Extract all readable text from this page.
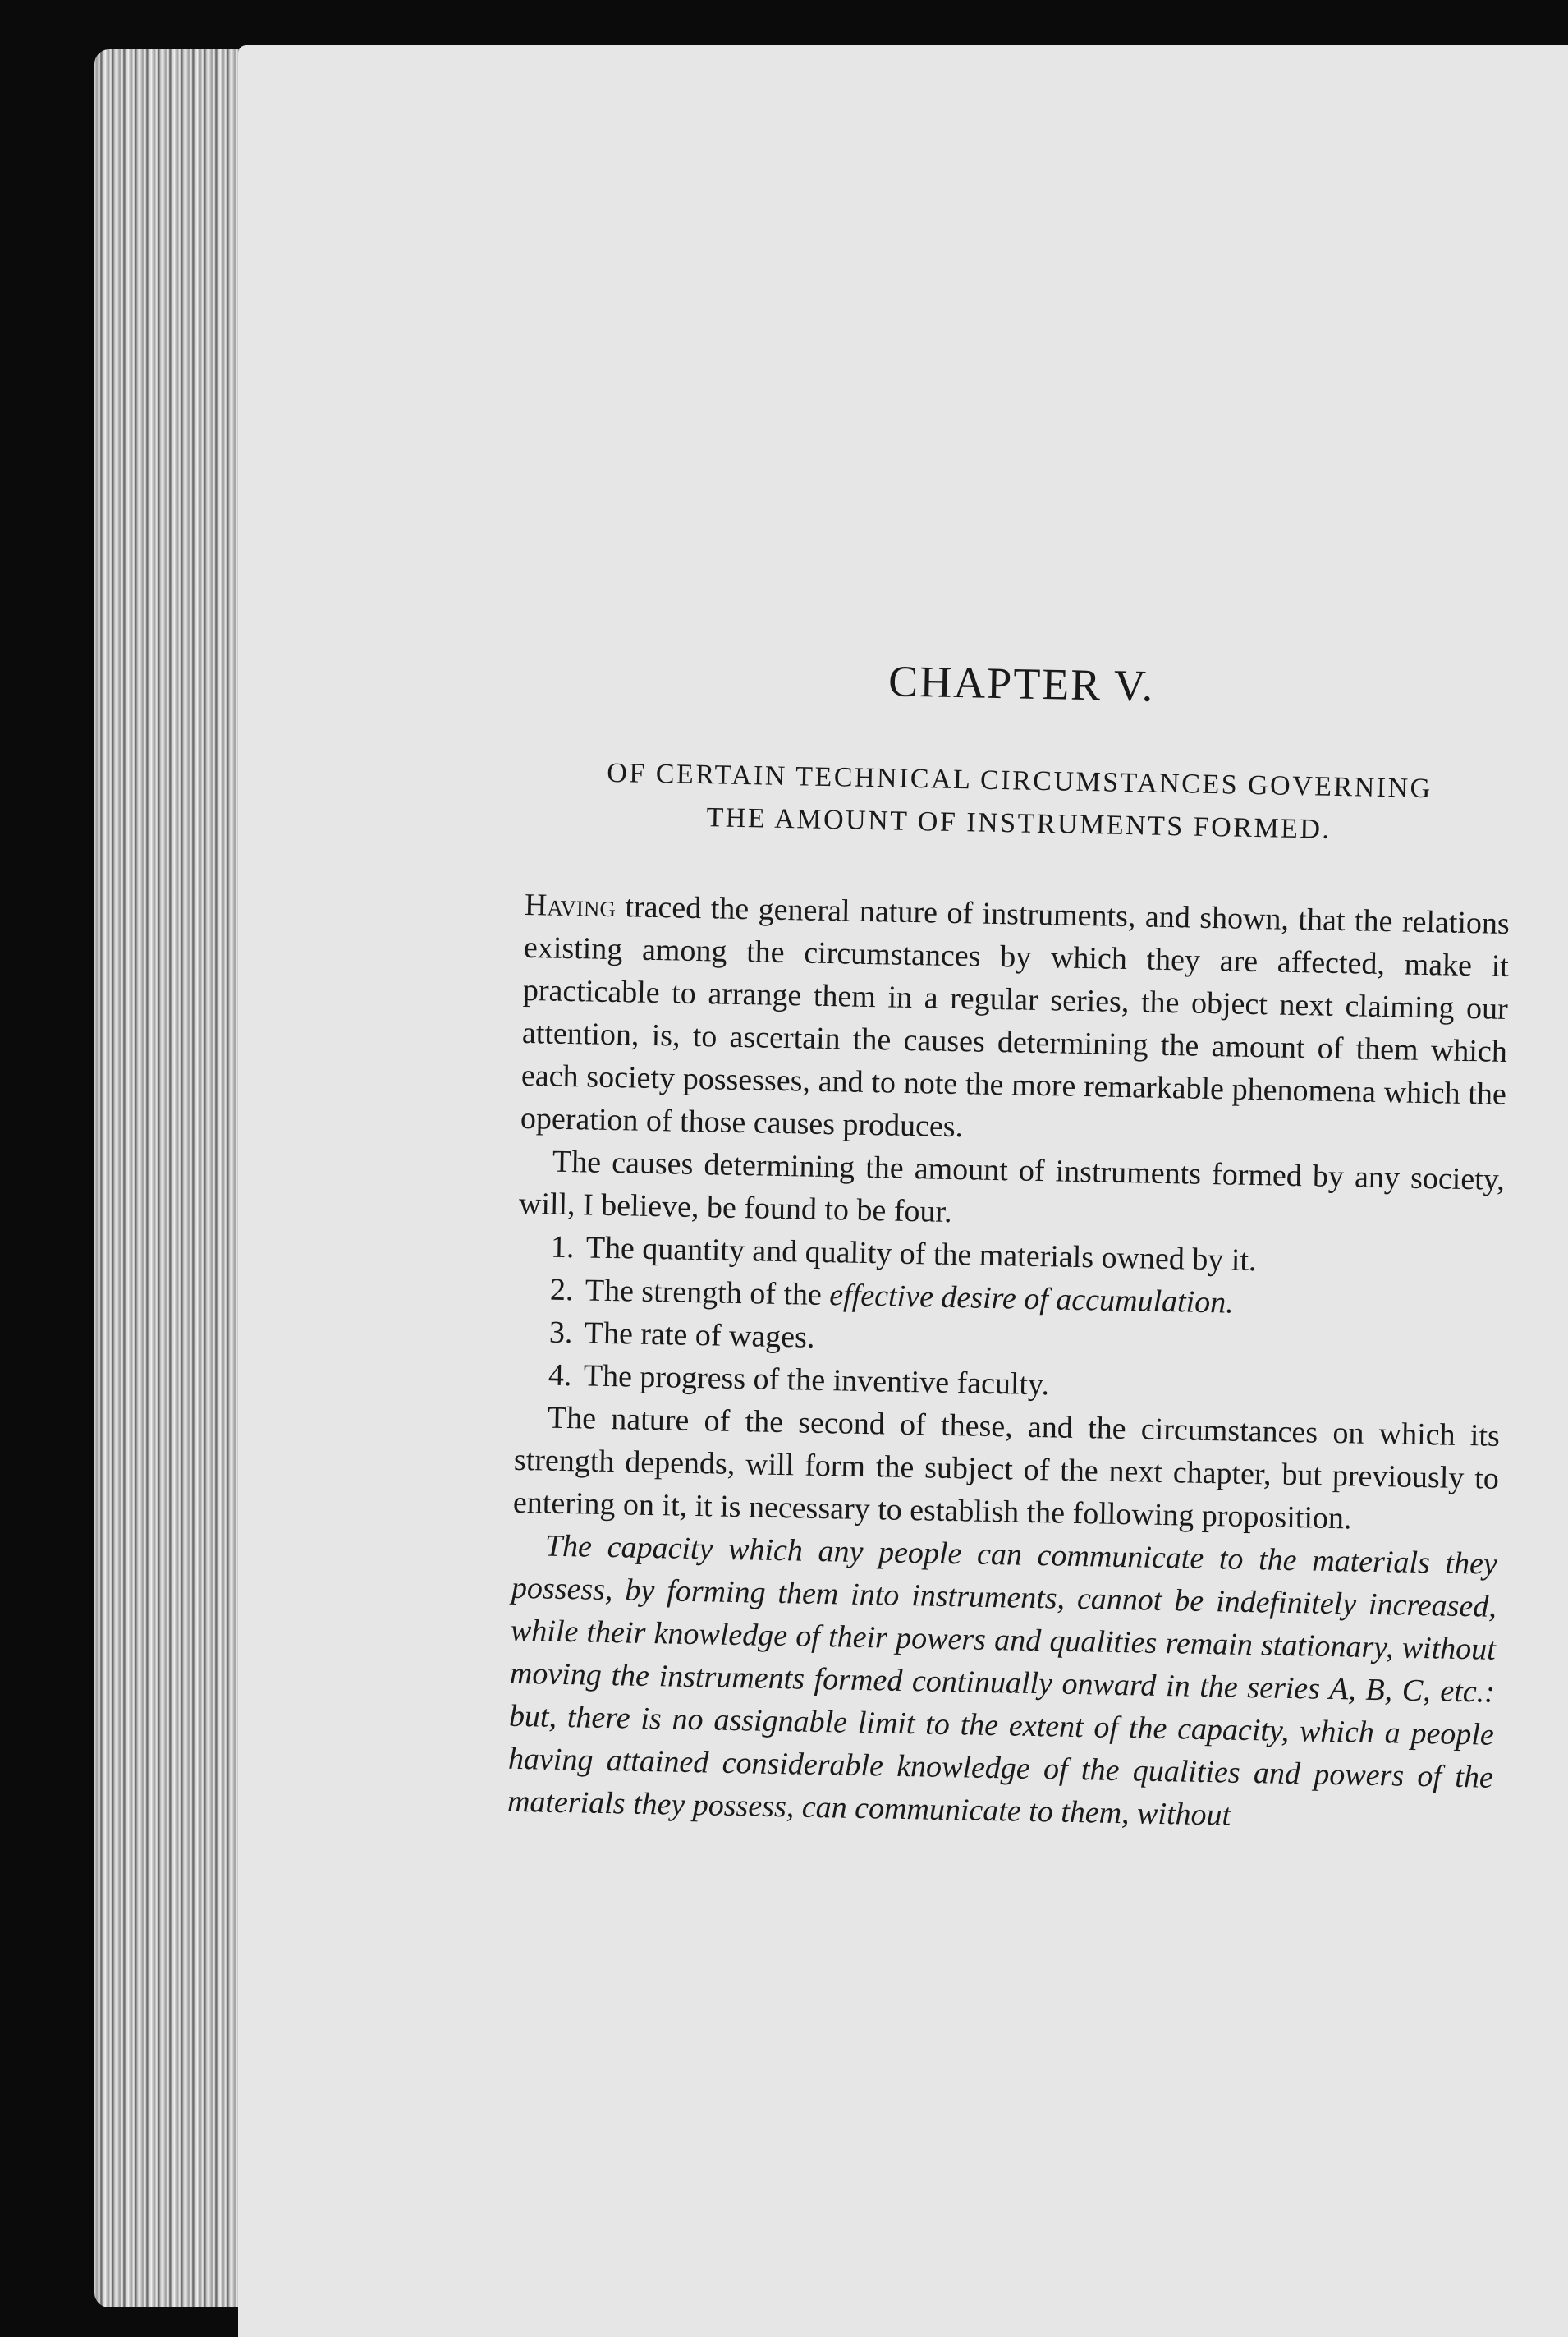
CHAPTER V.
OF CERTAIN TECHNICAL CIRCUMSTANCES GOVERNING
THE AMOUNT OF INSTRUMENTS FORMED.

Having traced the general nature of instruments, and shown, that the relations existing among the circumstances by which they are affected, make it practicable to arrange them in a regular series, the object next claiming our attention, is, to ascertain the causes determining the amount of them which each society possesses, and to note the more remarkable phenomena which the operation of those causes produces.

The causes determining the amount of instruments formed by any society, will, I believe, be found to be four.

1. The quantity and quality of the materials owned by it.
2. The strength of the effective desire of accumulation.
3. The rate of wages.
4. The progress of the inventive faculty.

The nature of the second of these, and the circumstances on which its strength depends, will form the subject of the next chapter, but previously to entering on it, it is necessary to establish the following proposition.

The capacity which any people can communicate to the materials they possess, by forming them into instruments, cannot be indefinitely increased, while their knowledge of their powers and qualities remain stationary, without moving the instruments formed continually onward in the series A, B, C, etc.: but, there is no assignable limit to the extent of the capacity, which a people having attained considerable knowledge of the qualities and powers of the materials they possess, can communicate to them, without
